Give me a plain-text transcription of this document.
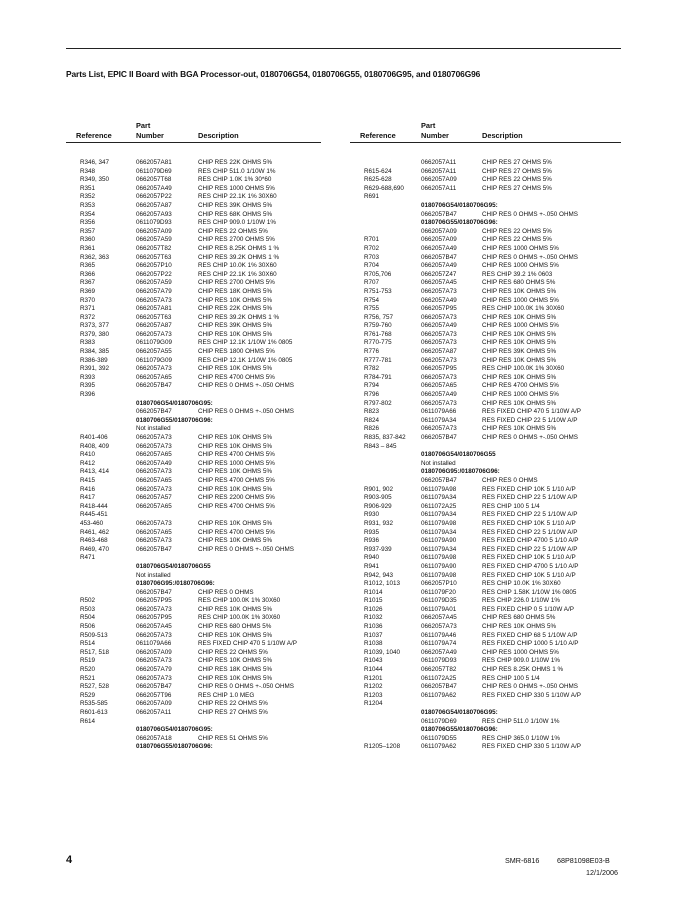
Parts List, EPIC II Board with BGA Processor-out, 0180706G54, 0180706G55, 0180706G95, and 0180706G96
Reference
Part
Number	Description
R346, 347	0662057A81	CHIP RES 22K OHMS 5%
R348	0611079D69	RES CHIP 511.0 1/10W 1%
R349, 350	0662057T68	RES CHIP 1.0K 1% 30*60
R351	0662057A49	CHIP RES 1000 OHMS 5%
R352	0662057P22	RES CHIP 22.1K 1% 30X60
R353	0662057A87	CHIP RES 39K OHMS 5%
R354	0662057A93	CHIP RES 68K OHMS 5%
R356	0611079D93	RES CHIP 909.0 1/10W 1%
R357	0662057A09	CHIP RES 22 OHMS 5%
R360	0662057A59	CHIP RES 2700 OHMS 5%
R361	0662057T82	CHIP RES 8.25K OHMS 1 %
R362, 363	0662057T63	CHIP RES 39.2K OHMS 1 %
R365	0662057P10	RES CHIP 10.0K 1% 30X60
R366	0662057P22	RES CHIP 22.1K 1% 30X60
R367	0662057A59	CHIP RES 2700 OHMS 5%
R369	0662057A79	CHIP RES 18K OHMS 5%
R370	0662057A73	CHIP RES 10K OHMS 5%
R371	0662057A81	CHIP RES 22K OHMS 5%
R372	0662057T63	CHIP RES 39.2K OHMS 1 %
R373, 377	0662057A87	CHIP RES 39K OHMS 5%
R379, 380	0662057A73	CHIP RES 10K OHMS 5%
R383	0611079G09	RES CHIP 12.1K 1/10W 1% 0805
R384, 385	0662057A55	CHIP RES 1800 OHMS 5%
R386-389	0611079G09	RES CHIP 12.1K 1/10W 1% 0805
R391, 392	0662057A73	CHIP RES 10K OHMS 5%
R393	0662057A65	CHIP RES 4700 OHMS 5%
R395	0662057B47	CHIP RES 0 OHMS +-.050 OHMS
R396
0180706G54/0180706G95:
0662057B47	CHIP RES 0 OHMS +-.050 OHMS
0180706G55/0180706G96:
Not installed
R401-406	0662057A73	CHIP RES 10K OHMS 5%
R408, 409	0662057A73	CHIP RES 10K OHMS 5%
R410	0662057A65	CHIP RES 4700 OHMS 5%
R412	0662057A49	CHIP RES 1000 OHMS 5%
R413, 414	0662057A73	CHIP RES 10K OHMS 5%
R415	0662057A65	CHIP RES 4700 OHMS 5%
R416	0662057A73	CHIP RES 10K OHMS 5%
R417	0662057A57	CHIP RES 2200 OHMS 5%
R418-444	0662057A65	CHIP RES 4700 OHMS 5%
R445-451
453-460	0662057A73	CHIP RES 10K OHMS 5%
R461, 462	0662057A65	CHIP RES 4700 OHMS 5%
R463-468	0662057A73	CHIP RES 10K OHMS 5%
R469, 470	0662057B47	CHIP RES 0 OHMS +-.050 OHMS
R471
0180706G54/0180706G55
Not installed
0180706G95:/0180706G96:
0662057B47	CHIP RES 0 OHMS
R502	0662057P95	RES CHIP 100.0K 1% 30X60
R503	0662057A73	CHIP RES 10K OHMS 5%
R504	0662057P95	RES CHIP 100.0K 1% 30X60
R506	0662057A45	CHIP RES 680 OHMS 5%
R509-513	0662057A73	CHIP RES 10K OHMS 5%
R514	0611079A66	RES FIXED CHIP 470 5 1/10W A/P
R517, 518	0662057A09	CHIP RES 22 OHMS 5%
R519	0662057A73	CHIP RES 10K OHMS 5%
R520	0662057A79	CHIP RES 18K OHMS 5%
R521	0662057A73	CHIP RES 10K OHMS 5%
R527, 528	0662057B47	CHIP RES 0 OHMS +-.050 OHMS
R529	0662057T96	RES CHIP 1.0 MEG
R535-585	0662057A09	CHIP RES 22 OHMS 5%
R601-613	0662057A11	CHIP RES 27 OHMS 5%
R614
0180706G54/0180706G95:
0662057A18	CHIP RES 51 OHMS 5%
0180706G55/0180706G96:
Reference
Part
Number	Description
0662057A11	CHIP RES 27 OHMS 5%
R615-624	0662057A11	CHIP RES 27 OHMS 5%
R625-628	0662057A09	CHIP RES 22 OHMS 5%
R629-688,690	0662057A11	CHIP RES 27 OHMS 5%
R691
0180706G54/0180706G95:
0662057B47	CHIP RES 0 OHMS +-.050 OHMS
0180706G55/0180706G96:
0662057A09	CHIP RES 22 OHMS 5%
R701	0662057A09	CHIP RES 22 OHMS 5%
R702	0662057A49	CHIP RES 1000 OHMS 5%
R703	0662057B47	CHIP RES 0 OHMS +-.050 OHMS
R704	0662057A49	CHIP RES 1000 OHMS 5%
R705,706	0662057Z47	RES CHIP 39.2 1% 0603
R707	0662057A45	CHIP RES 680 OHMS 5%
R751-753	0662057A73	CHIP RES 10K OHMS 5%
R754	0662057A49	CHIP RES 1000 OHMS 5%
R755	0662057P95	RES CHIP 100.0K 1% 30X60
R756, 757	0662057A73	CHIP RES 10K OHMS 5%
R759-760	0662057A49	CHIP RES 1000 OHMS 5%
R761-768	0662057A73	CHIP RES 10K OHMS 5%
R770-775	0662057A73	CHIP RES 10K OHMS 5%
R776	0662057A87	CHIP RES 39K OHMS 5%
R777-781	0662057A73	CHIP RES 10K OHMS 5%
R782	0662057P95	RES CHIP 100.0K 1% 30X60
R784-791	0662057A73	CHIP RES 10K OHMS 5%
R794	0662057A65	CHIP RES 4700 OHMS 5%
R796	0662057A49	CHIP RES 1000 OHMS 5%
R797-802	0662057A73	CHIP RES 10K OHMS 5%
R823	0611079A66	RES FIXED CHIP 470 5 1/10W A/P
R824	0611079A34	RES FIXED CHIP 22 5 1/10W A/P
R826	0662057A73	CHIP RES 10K OHMS 5%
R835, 837-842 0662057B47	CHIP RES 0 OHMS +-.050 OHMS
R843 – 845
0180706G54/0180706G55
Not installed
0180706G95:/0180706G96:
0662057B47	CHIP RES 0 OHMS
R901, 902	0611079A98	RES FIXED CHIP 10K 5 1/10 A/P
R903-905	0611079A34	RES FIXED CHIP 22 5 1/10W A/P
R906-929	0611072A25	RES CHIP 100 5 1/4
R930	0611079A34	RES FIXED CHIP 22 5 1/10W A/P
R931, 932	0611079A98	RES FIXED CHIP 10K 5 1/10 A/P
R935	0611079A34	RES FIXED CHIP 22 5 1/10W A/P
R936	0611079A90	RES FIXED CHIP 4700 5 1/10 A/P
R937-939	0611079A34	RES FIXED CHIP 22 5 1/10W A/P
R940	0611079A98	RES FIXED CHIP 10K 5 1/10 A/P
R941	0611079A90	RES FIXED CHIP 4700 5 1/10 A/P
R942, 943	0611079A98	RES FIXED CHIP 10K 5 1/10 A/P
R1012, 1013	0662057P10	RES CHIP 10.0K 1% 30X60
R1014	0611079F20	RES CHIP 1.58K 1/10W 1% 0805
R1015	0611079D35	RES CHIP 226.0 1/10W 1%
R1026	0611079A01	RES FIXED CHIP 0 5 1/10W A/P
R1032	0662057A45	CHIP RES 680 OHMS 5%
R1036	0662057A73	CHIP RES 10K OHMS 5%
R1037	0611079A46	RES FIXED CHIP 68 5 1/10W A/P
R1038	0611079A74	RES FIXED CHIP 1000 5 1/10 A/P
R1039, 1040	0662057A49	CHIP RES 1000 OHMS 5%
R1043	0611079D93	RES CHIP 909.0 1/10W 1%
R1044	0662057T82	CHIP RES 8.25K OHMS 1 %
R1201	0611072A25	RES CHIP 100 5 1/4
R1202	0662057B47	CHIP RES 0 OHMS +-.050 OHMS
R1203	0611079A62	RES FIXED CHIP 330 5 1/10W A/P
R1204
0180706G54/0180706G95:
0611079D69	RES CHIP 511.0 1/10W 1%
0180706G55/0180706G96:
0611079D55	RES CHIP 365.0 1/10W 1%
R1205–1208	0611079A62	RES FIXED CHIP 330 5 1/10W A/P
4	SMR-6816 68P81098E03-B
12/1/2006
